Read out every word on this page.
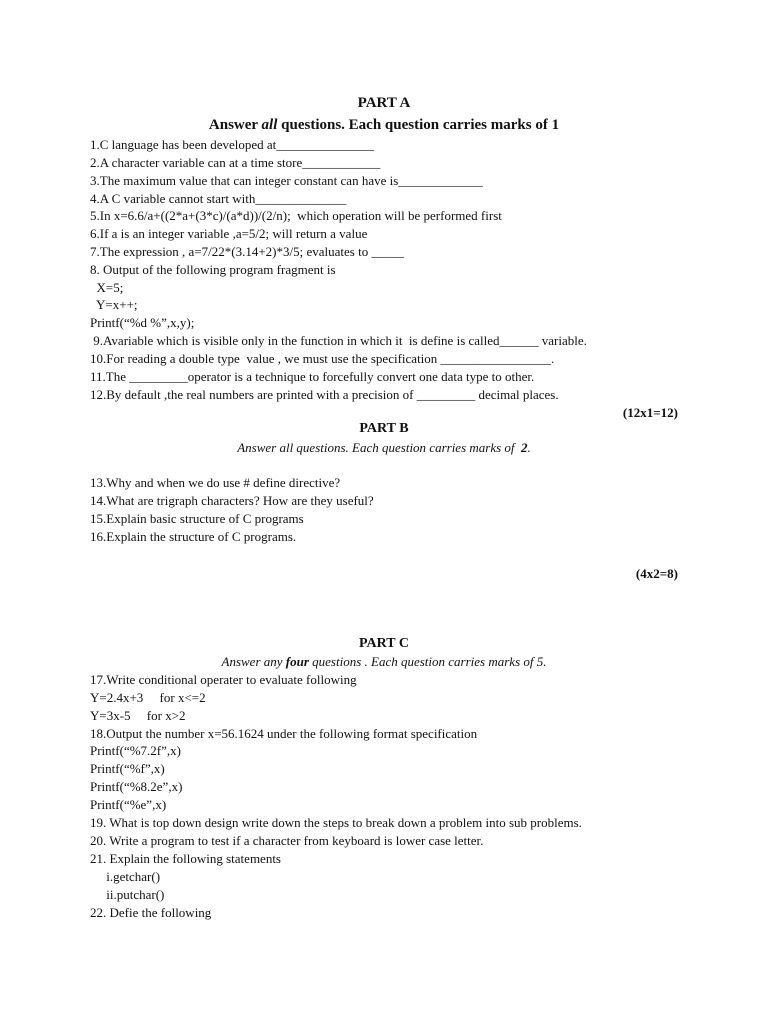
PART A
Answer all questions. Each question carries marks of 1
1.C language has been developed at_______________
2.A character variable can at a time store____________
3.The maximum value that can integer constant can have is_____________
4.A C variable cannot start with______________
5.In x=6.6/a+((2*a+(3*c)/(a*d))/(2/n);  which operation will be performed first
6.If a is an integer variable ,a=5/2; will return a value
7.The expression , a=7/22*(3.14+2)*3/5; evaluates to _____
8. Output of the following program fragment is
X=5;
Y=x++;
Printf(“%d %”,x,y);
9.Avariable which is visible only in the function in which it  is define is called______ variable.
10.For reading a double type  value , we must use the specification _________________.
11.The _________operator is a technique to forcefully convert one data type to other.
12.By default ,the real numbers are printed with a precision of _________ decimal places.
(12x1=12)
PART B
Answer all questions. Each question carries marks of  2.
13.Why and when we do use # define directive?
14.What are trigraph characters? How are they useful?
15.Explain basic structure of C programs
16.Explain the structure of C programs.
(4x2=8)
PART C
Answer any four questions . Each question carries marks of 5.
17.Write conditional operater to evaluate following
Y=2.4x+3     for x<=2
Y=3x-5     for x>2
18.Output the number x=56.1624 under the following format specification
Printf(“%7.2f”,x)
Printf(“%f”,x)
Printf(“%8.2e”,x)
Printf(“%e”,x)
19. What is top down design write down the steps to break down a problem into sub problems.
20. Write a program to test if a character from keyboard is lower case letter.
21. Explain the following statements
i.getchar()
ii.putchar()
22. Defie the following
